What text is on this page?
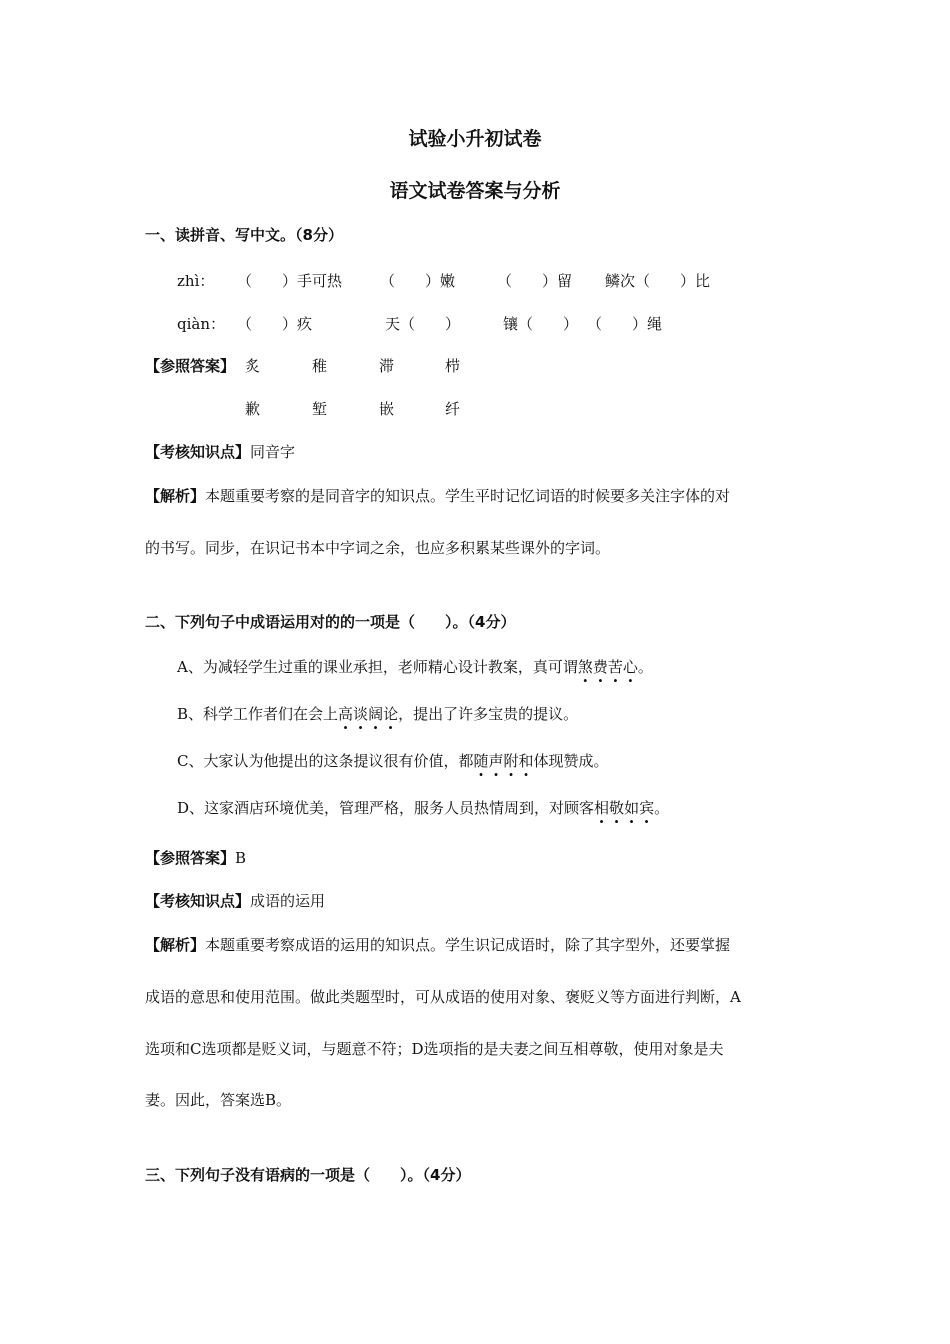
试验小升初试卷
语文试卷答案与分析
一、读拼音、写中文。（8分）
zhì： （　　）手可热	（　　）嫩	（　　）留 鳞次（　　）比
qiàn： （　　）疚	天（　　）	镶（　　） （　　）绳
【参照答案】 炙	稚	滞	栉
歉	堑	嵌	纤
【考核知识点】同音字
【解析】本题重要考察的是同音字的知识点。学生平时记忆词语的时候要多关注字体的对
的书写。同步，在识记书本中字词之余，也应多积累某些课外的字词。
二、下列句子中成语运用对的的一项是（　　）。（4分）
A、为减轻学生过重的课业承担，老师精心设计教案，真可谓煞费苦心。
B、科学工作者们在会上高谈阔论，提出了许多宝贵的提议。
C、大家认为他提出的这条提议很有价值，都随声附和体现赞成。
D、这家酒店环境优美，管理严格，服务人员热情周到，对顾客相敬如宾。
【参照答案】B
【考核知识点】成语的运用
【解析】本题重要考察成语的运用的知识点。学生识记成语时，除了其字型外，还要掌握
成语的意思和使用范围。做此类题型时，可从成语的使用对象、褒贬义等方面进行判断，A
选项和C选项都是贬义词，与题意不符；D选项指的是夫妻之间互相尊敬，使用对象是夫
妻。因此，答案选B。
三、下列句子没有语病的一项是（　　）。（4分）
